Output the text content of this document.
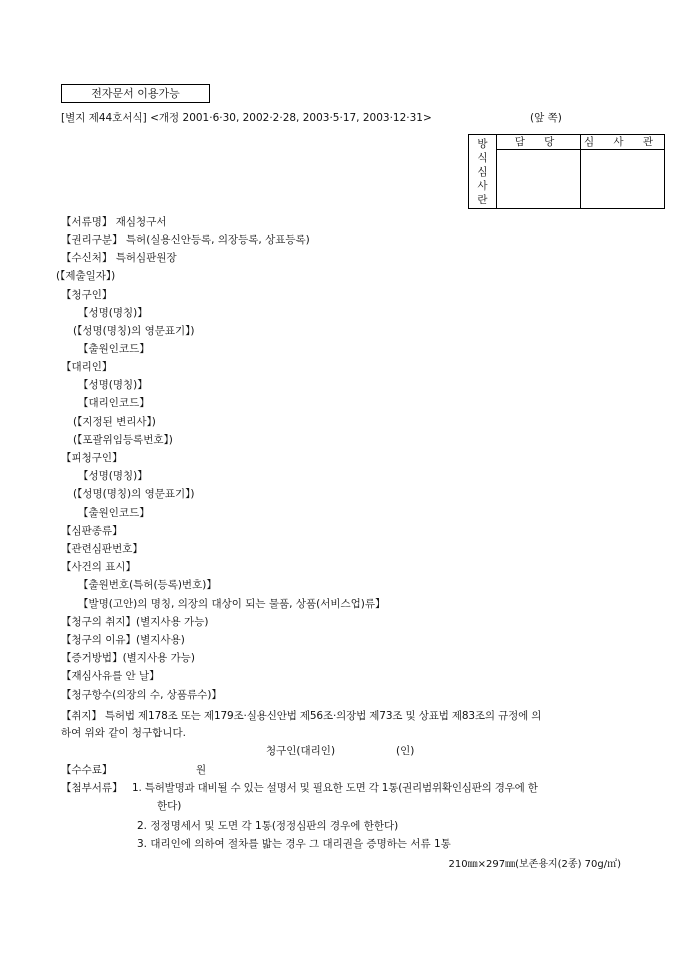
전자문서 이용가능
[별지 제44호서식] <개정 2001·6·30, 2002·2·28, 2003·5·17, 2003·12·31>	(앞 쪽)
방
식
심
사
란	담 당	심 사 관

【서류명】 재심청구서
【권리구분】 특허(실용신안등록, 의장등록, 상표등록)
【수신처】 특허심판원장
(【제출일자】)
【청구인】
【성명(명칭)】
(【성명(명칭)의 영문표기】)
【출원인코드】
【대리인】
【성명(명칭)】
【대리인코드】
(【지정된 변리사】)
(【포괄위임등록번호】)
【피청구인】
【성명(명칭)】
(【성명(명칭)의 영문표기】)
【출원인코드】
【심판종류】
【관련심판번호】
【사건의 표시】
【출원번호(특허(등록)번호)】
【발명(고안)의 명칭, 의장의 대상이 되는 물품, 상품(서비스업)류】
【청구의 취지】(별지사용 가능)
【청구의 이유】(별지사용)
【증거방법】(별지사용 가능)
【재심사유를 안 날】
【청구항수(의장의 수, 상품류수)】
【취지】 특허법 제178조 또는 제179조·실용신안법 제56조·의장법 제73조 및 상표법 제83조의 규정에 의
하여 위와 같이 청구합니다.
청구인(대리인)	(인)
【수수료】	원
【첨부서류】 1. 특허발명과 대비될 수 있는 설명서 및 필요한 도면 각 1통(권리범위확인심판의 경우에 한
한다)
2. 정정명세서 및 도면 각 1통(정정심판의 경우에 한한다)
3. 대리인에 의하여 절차를 밟는 경우 그 대리권을 증명하는 서류 1통
210㎜×297㎜(보존용지(2종) 70g/㎡)
